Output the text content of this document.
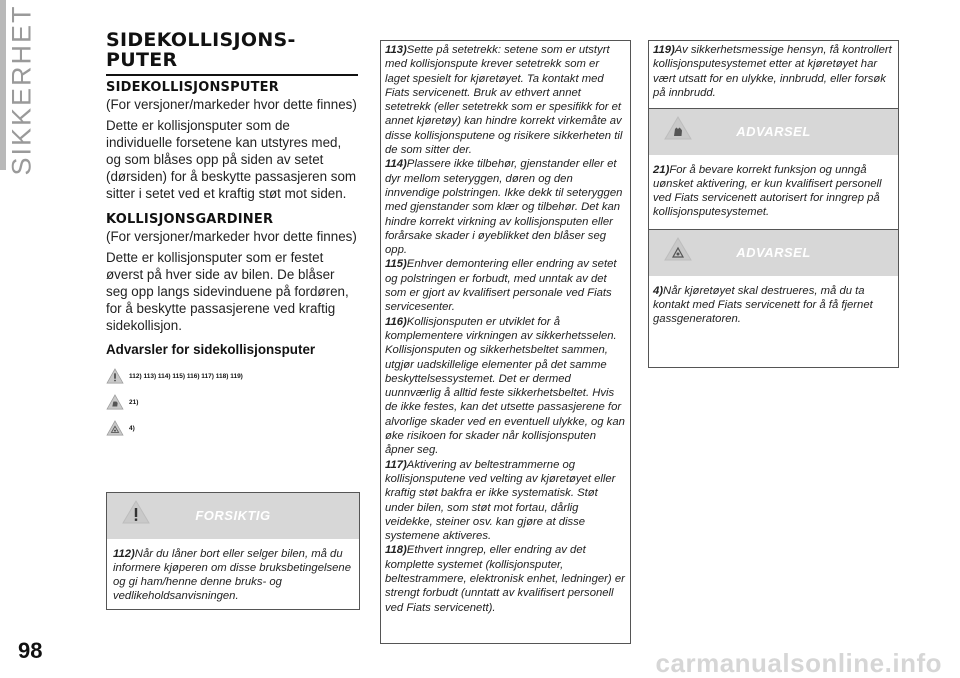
SIKKERHET	SIDEKOLLISJONS-
PUTER
SIDEKOLLISJONSPUTER

(For versjoner/markeder hvor dette finnes)

Dette er kollisjonsputer som de individuelle forsetene kan utstyres med, og som blåses opp på siden av setet (dørsiden) for å beskytte passasjeren som sitter i setet ved et kraftig støt mot siden.

KOLLISJONSGARDINER

(For versjoner/markeder hvor dette finnes)

Dette er kollisjonsputer som er festet øverst på hver side av bilen. De blåser seg opp langs sidevinduene på fordøren, for å beskytte passasjerene ved kraftig sidekollisjon.

Advarsler for sidekollisjonsputer
112) 113) 114) 115) 116) 117) 118) 119)
21)
4)
FORSIKTIG
112)Når du låner bort eller selger bilen, må du informere kjøperen om disse bruksbetingelsene og gi ham/henne denne bruks- og vedlikeholdsanvisningen.

113)Sette på setetrekk: setene som er utstyrt med kollisjonspute krever setetrekk som er laget spesielt for kjøretøyet. Ta kontakt med Fiats servicenett. Bruk av ethvert annet setetrekk (eller setetrekk som er spesifikk for et annet kjøretøy) kan hindre korrekt virkemåte av disse kollisjonsputene og risikere sikkerheten til de som sitter der.

114)Plassere ikke tilbehør, gjenstander eller et dyr mellom seteryggen, døren og den innvendige polstringen. Ikke dekk til seteryggen med gjenstander som klær og tilbehør. Det kan hindre korrekt virkning av kollisjonsputen eller forårsake skader i øyeblikket den blåser seg opp.

115)Enhver demontering eller endring av setet og polstringen er forbudt, med unntak av det som er gjort av kvalifisert personale ved Fiats servicesenter.

116)Kollisjonsputen er utviklet for å komplementere virkningen av sikkerhetsselen. Kollisjonsputen og sikkerhetsbeltet sammen, utgjør uadskillelige elementer på det samme beskyttelsessystemet. Det er dermed uunnværlig å alltid feste sikkerhetsbeltet. Hvis de ikke festes, kan det utsette passasjerene for alvorlige skader ved en eventuell ulykke, og kan øke risikoen for skader når kollisjonsputen åpner seg.

117)Aktivering av beltestrammerne og kollisjonsputene ved velting av kjøretøyet eller kraftig støt bakfra er ikke systematisk. Støt under bilen, som støt mot fortau, dårlig veidekke, steiner osv. kan gjøre at disse systemene aktiveres.

118)Ethvert inngrep, eller endring av det komplette systemet (kollisjonsputer, beltestrammere, elektronisk enhet, ledninger) er strengt forbudt (unntatt av kvalifisert personell ved Fiats servicenett).

119)Av sikkerhetsmessige hensyn, få kontrollert kollisjonsputesystemet etter at kjøretøyet har vært utsatt for en ulykke, innbrudd, eller forsøk på innbrudd.

ADVARSEL
21)For å bevare korrekt funksjon og unngå uønsket aktivering, er kun kvalifisert personell ved Fiats servicenett autorisert for inngrep på kollisjonsputesystemet.
ADVARSEL
4)Når kjøretøyet skal destrueres, må du ta kontakt med Fiats servicenett for å få fjernet gassgeneratoren.
98	carmanualsonline.info
